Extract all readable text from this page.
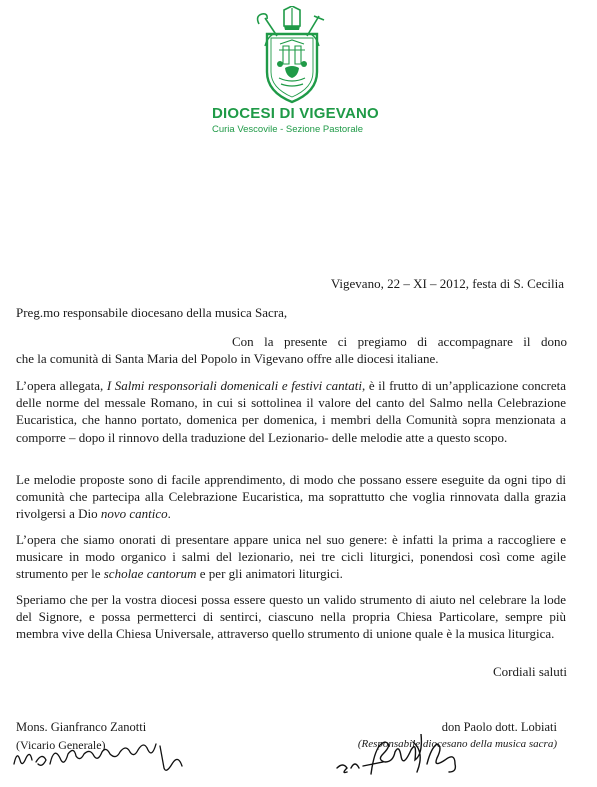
DIOCESI DI VIGEVANO
Curia Vescovile - Sezione Pastorale
Vigevano, 22 – XI – 2012, festa di S. Cecilia
Preg.mo responsabile diocesano della musica Sacra,
Con la presente ci pregiamo di accompagnare il dono
che la comunità di Santa Maria del Popolo in Vigevano offre alle diocesi italiane.

L’opera allegata, I Salmi responsoriali domenicali e festivi cantati, è il frutto di un’applicazione concreta delle norme del messale Romano, in cui si sottolinea il valore del canto del Salmo nella Celebrazione Eucaristica, che hanno portato, domenica per domenica, i membri della Comunità sopra menzionata a comporre – dopo il rinnovo della traduzione del Lezionario- delle melodie atte a questo scopo.

Le melodie proposte sono di facile apprendimento, di modo che possano essere eseguite da ogni tipo di comunità che partecipa alla Celebrazione Eucaristica, ma soprattutto che voglia rinnovata dalla grazia rivolgersi a Dio novo cantico.

L’opera che siamo onorati di presentare appare unica nel suo genere: è infatti la prima a raccogliere e musicare in modo organico i salmi del lezionario, nei tre cicli liturgici, ponendosi così come agile strumento per le scholae cantorum e per gli animatori liturgici.

Speriamo che per la vostra diocesi possa essere questo un valido strumento di aiuto nel celebrare la lode del Signore, e possa permetterci di sentirci, ciascuno nella propria Chiesa Particolare, sempre più membra vive della Chiesa Universale, attraverso quello strumento di unione quale è la musica liturgica.

Cordiali saluti
Mons. Gianfranco Zanotti
(Vicario Generale)
don Paolo dott. Lobiati
(Responsabile diocesano della musica sacra)
